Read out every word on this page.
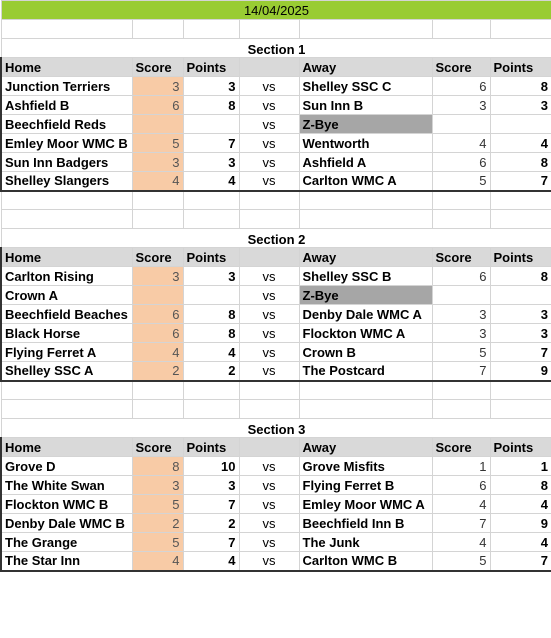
14/04/2025						

Section 1						
Home	Score	Points		Away	Score	Points
Junction Terriers	3	3	vs	Shelley SSC C	6	8
Ashfield B	6	8	vs	Sun Inn B	3	3
Beechfield Reds			vs	Z-Bye		
Emley Moor WMC B	5	7	vs	Wentworth	4	4
Sun Inn Badgers	3	3	vs	Ashfield A	6	8
Shelley Slangers	4	4	vs	Carlton WMC A	5	7

Section 2						
Home	Score	Points		Away	Score	Points
Carlton Rising	3	3	vs	Shelley SSC B	6	8
Crown A			vs	Z-Bye		
Beechfield Beaches	6	8	vs	Denby Dale WMC A	3	3
Black Horse	6	8	vs	Flockton WMC A	3	3
Flying Ferret A	4	4	vs	Crown B	5	7
Shelley SSC A	2	2	vs	The Postcard	7	9

Section 3						
Home	Score	Points		Away	Score	Points
Grove D	8	10	vs	Grove Misfits	1	1
The White Swan	3	3	vs	Flying Ferret B	6	8
Flockton WMC B	5	7	vs	Emley Moor WMC A	4	4
Denby Dale WMC B	2	2	vs	Beechfield Inn B	7	9
The Grange	5	7	vs	The Junk	4	4
The Star Inn	4	4	vs	Carlton WMC B	5	7
